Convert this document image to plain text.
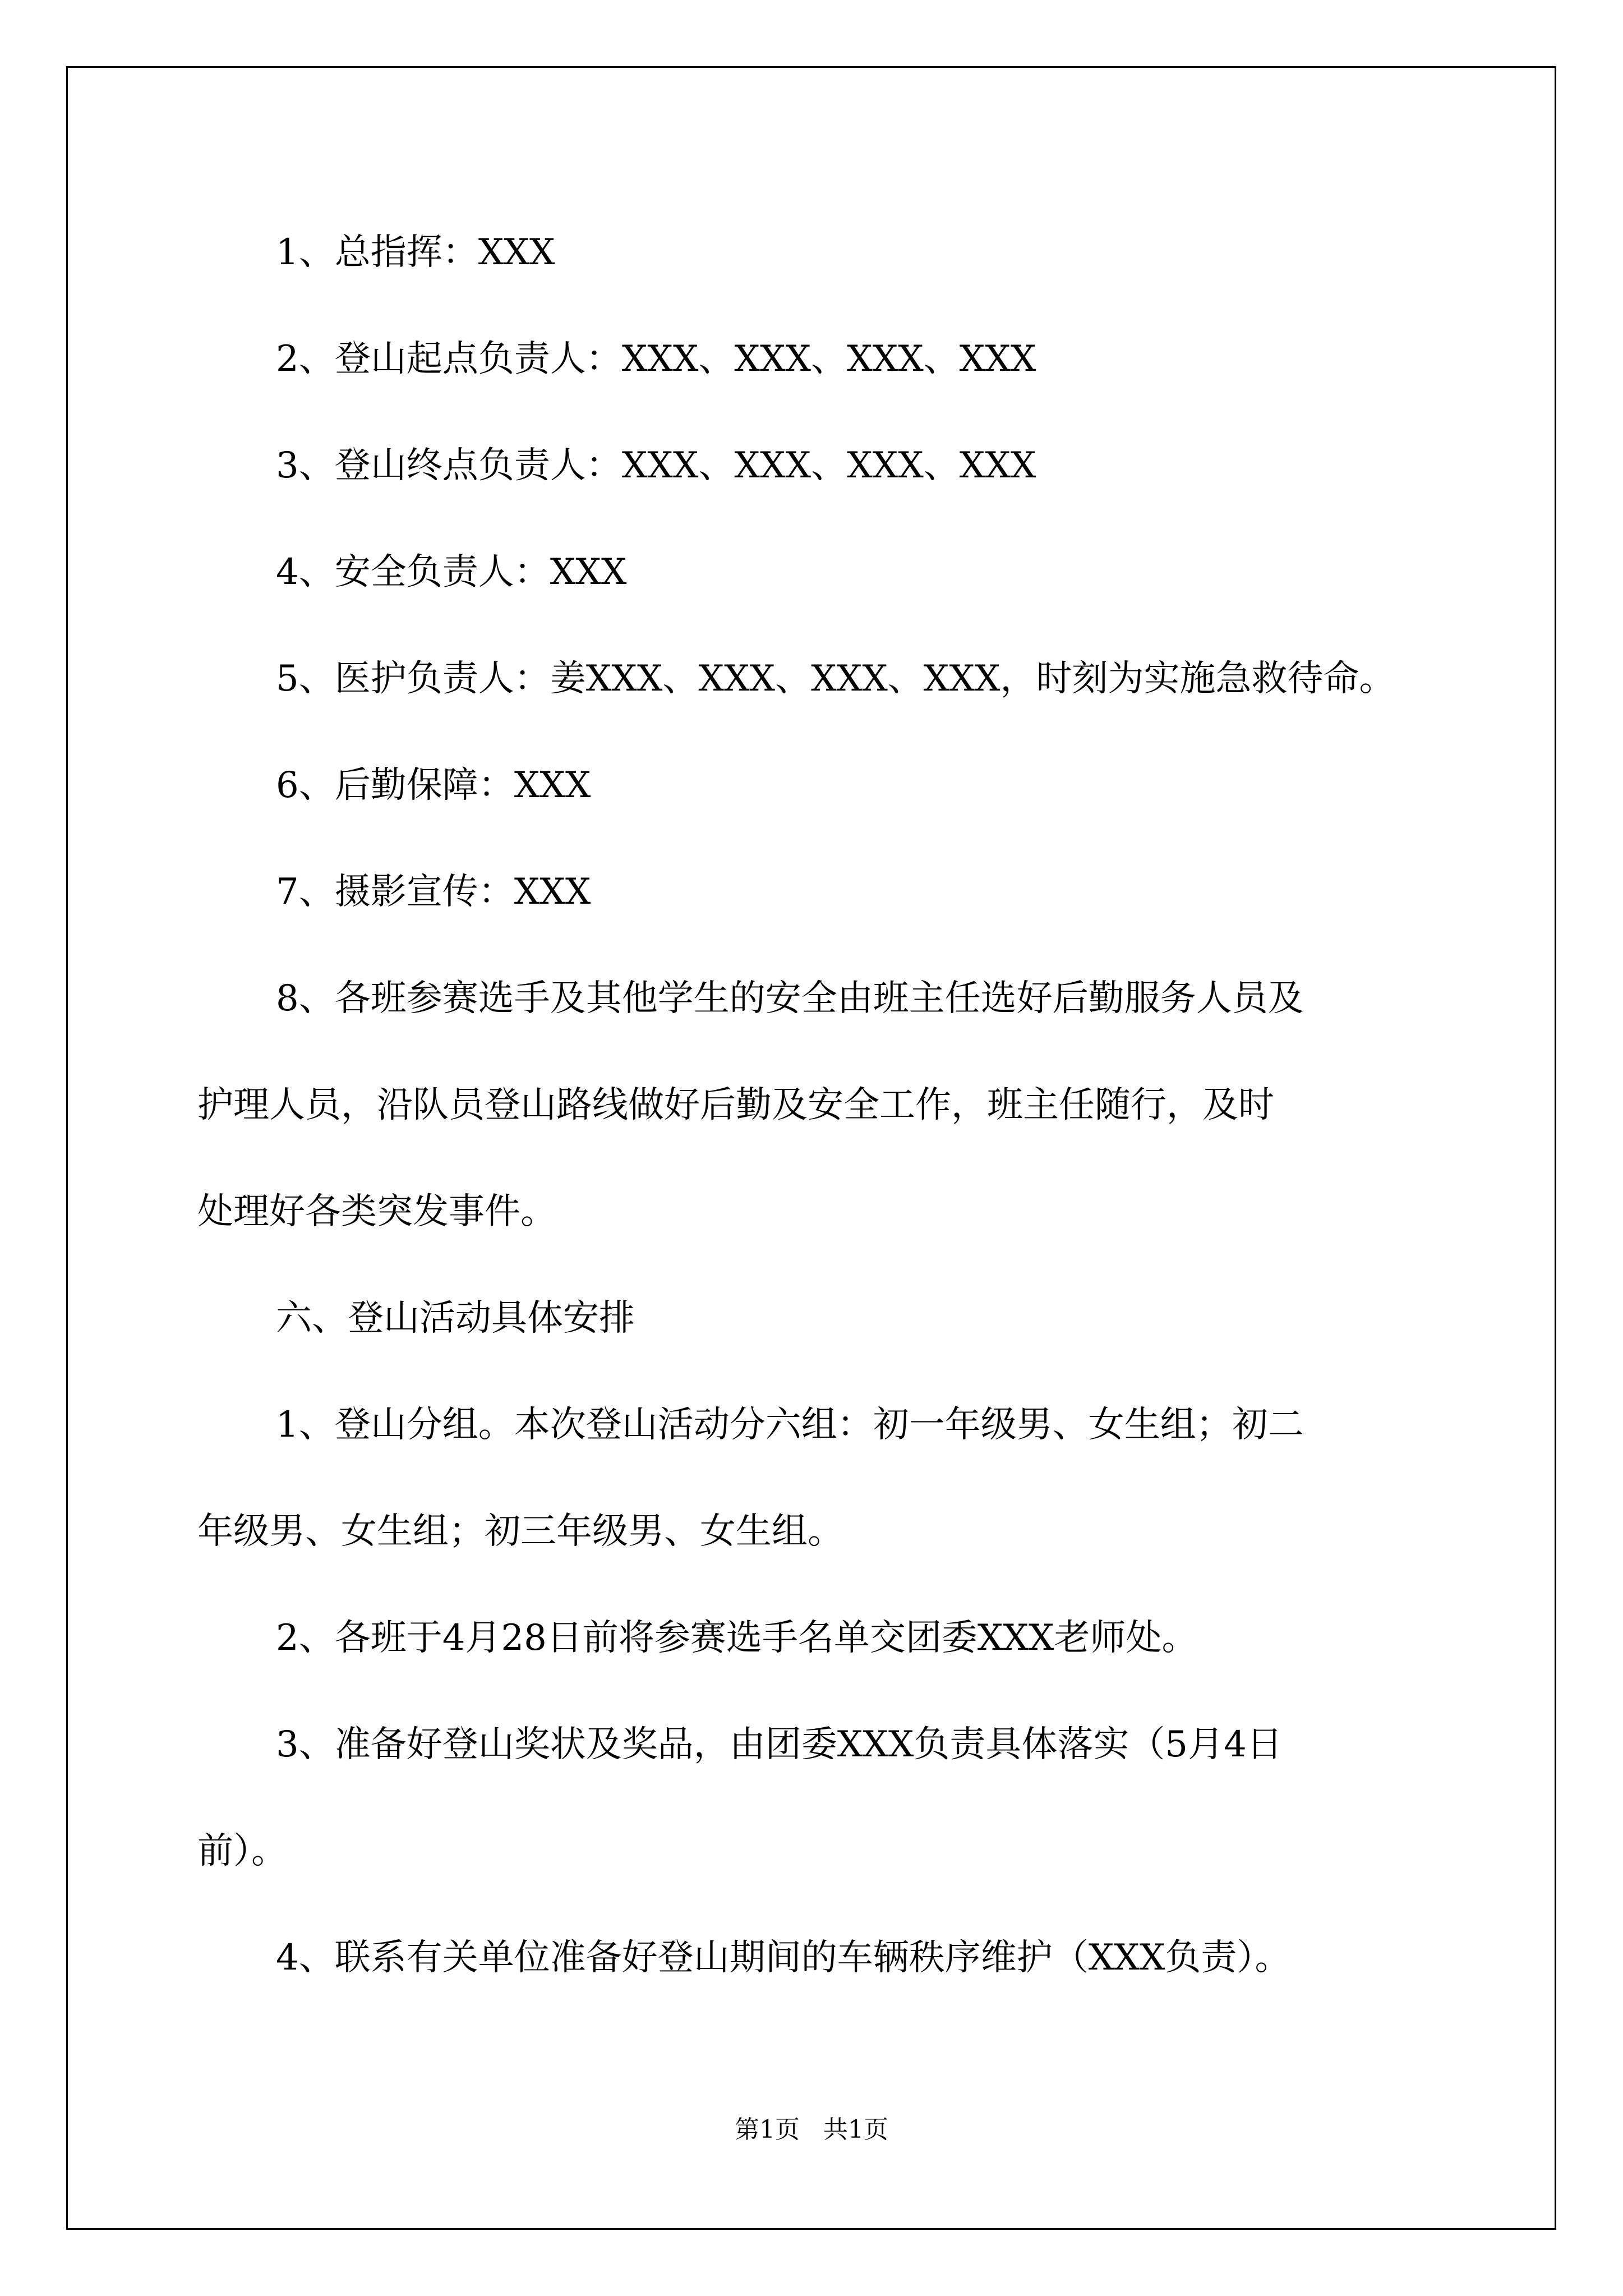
1、总指挥：XXX

2、登山起点负责人：XXX、XXX、XXX、XXX

3、登山终点负责人：XXX、XXX、XXX、XXX

4、安全负责人：XXX

5、医护负责人：姜XXX、XXX、XXX、XXX，时刻为实施急救待命。

6、后勤保障：XXX

7、摄影宣传：XXX

8、各班参赛选手及其他学生的安全由班主任选好后勤服务人员及

护理人员，沿队员登山路线做好后勤及安全工作，班主任随行，及时

处理好各类突发事件。

六、登山活动具体安排

1、登山分组。本次登山活动分六组：初一年级男、女生组；初二

年级男、女生组；初三年级男、女生组。

2、各班于4月28日前将参赛选手名单交团委XXX老师处。

3、准备好登山奖状及奖品，由团委XXX负责具体落实（5月4日

前）。

4、联系有关单位准备好登山期间的车辆秩序维护（XXX负责）。

第1页   共1页
